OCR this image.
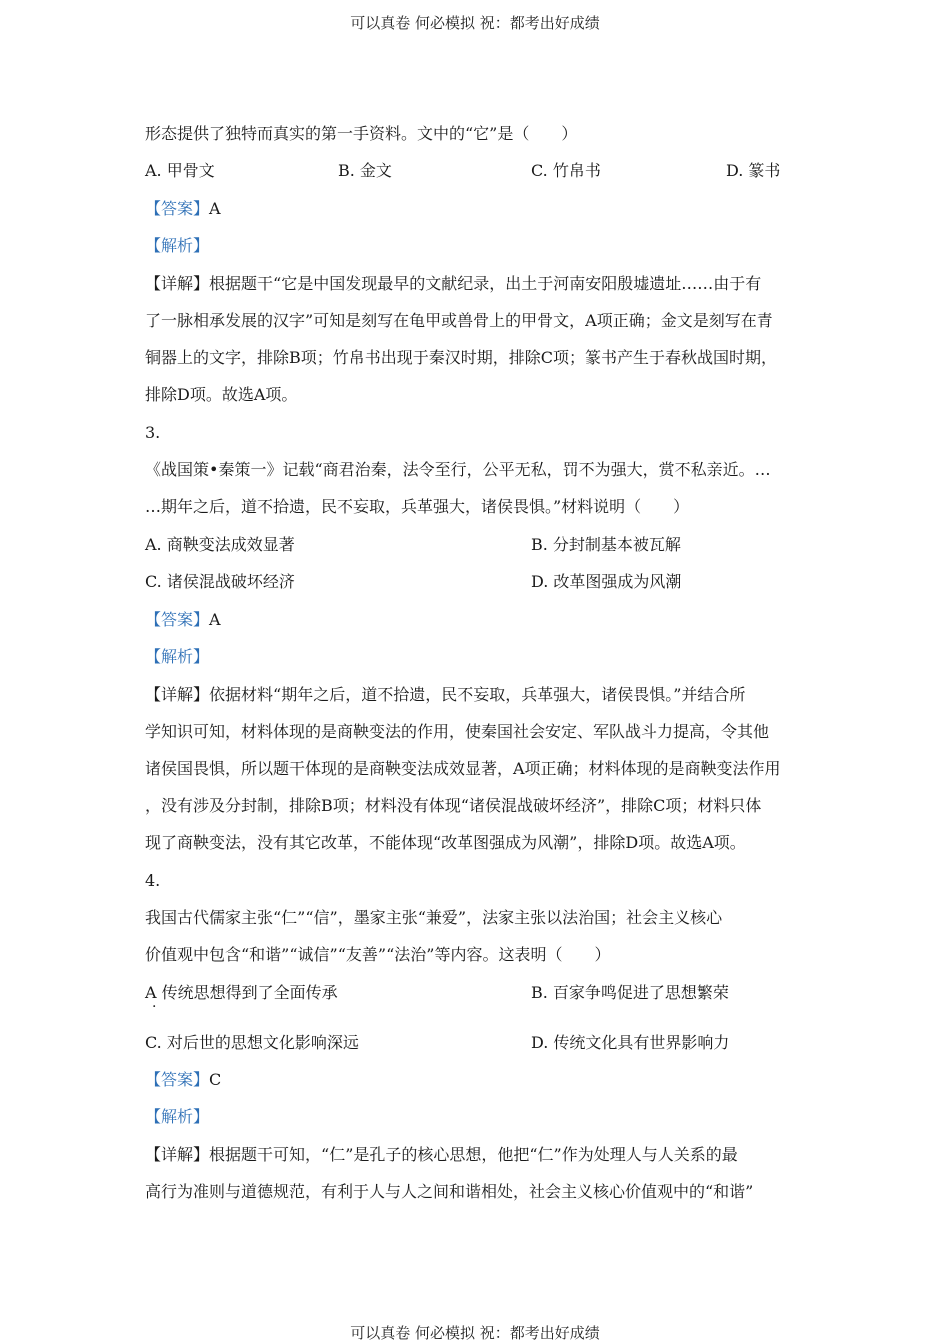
可以真卷 何必模拟 祝：都考出好成绩
形态提供了独特而真实的第一手资料。文中的“它”是（　　）
A. 甲骨文	B. 金文	C. 竹帛书	D. 篆书
【答案】A
【解析】
【详解】根据题干“它是中国发现最早的文献纪录，出土于河南安阳殷墟遗址……由于有
了一脉相承发展的汉字”可知是刻写在龟甲或兽骨上的甲骨文，A项正确；金文是刻写在青
铜器上的文字，排除B项；竹帛书出现于秦汉时期，排除C项；篆书产生于春秋战国时期，
排除D项。故选A项。
3.
《战国策•秦策一》记载“商君治秦，法令至行，公平无私，罚不为强大，赏不私亲近。…
…期年之后，道不拾遗，民不妄取，兵革强大，诸侯畏惧。”材料说明（　　）
A. 商鞅变法成效显著	B. 分封制基本被瓦解
C. 诸侯混战破坏经济	D. 改革图强成为风潮
【答案】A
【解析】
【详解】依据材料“期年之后，道不拾遗，民不妄取，兵革强大，诸侯畏惧。”并结合所
学知识可知，材料体现的是商鞅变法的作用，使秦国社会安定、军队战斗力提高，令其他
诸侯国畏惧，所以题干体现的是商鞅变法成效显著，A项正确；材料体现的是商鞅变法作用
，没有涉及分封制，排除B项；材料没有体现“诸侯混战破坏经济”，排除C项；材料只体
现了商鞅变法，没有其它改革，不能体现“改革图强成为风潮”，排除D项。故选A项。
4.
我国古代儒家主张“仁”“信”，墨家主张“兼爱”，法家主张以法治国；社会主义核心
价值观中包含“和谐”“诚信”“友善”“法治”等内容。这表明（　　）
A 传统思想得到了全面传承
·
B. 百家争鸣促进了思想繁荣
C. 对后世的思想文化影响深远	D. 传统文化具有世界影响力
【答案】C
【解析】
【详解】根据题干可知，“仁”是孔子的核心思想，他把“仁”作为处理人与人关系的最
高行为准则与道德规范，有利于人与人之间和谐相处，社会主义核心价值观中的“和谐”
可以真卷 何必模拟 祝：都考出好成绩
